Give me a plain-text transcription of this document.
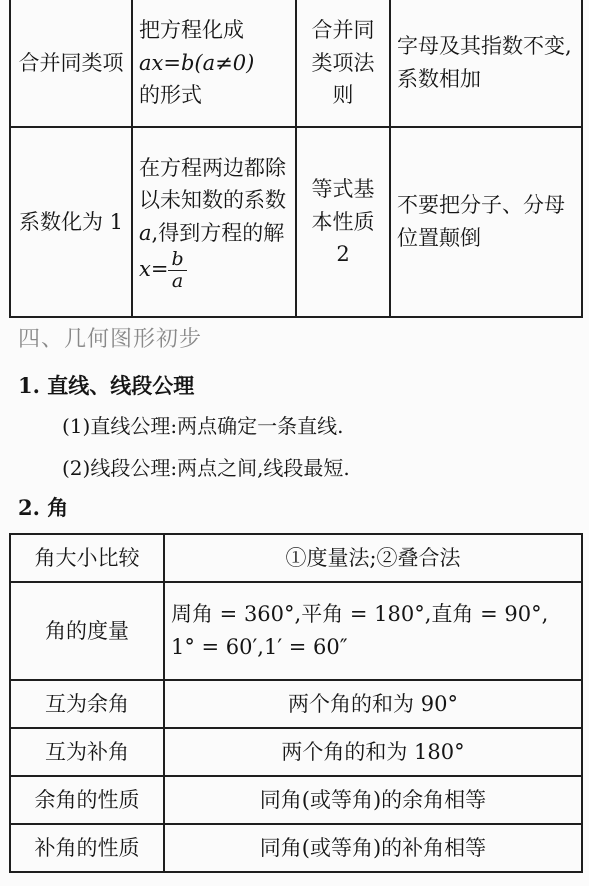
合并同类项	把方程化成
ax=b(a≠0)
的形式	合并同类项法则	字母及其指数不变,系数相加
系数化为 1	在方程两边都除以未知数的系数 a,得到方程的解 $x= \frac{b}{a}$	等式基本性质 2	不要把分子、分母位置颠倒
四、几何图形初步
1. 直线、线段公理
(1)直线公理:两点确定一条直线.
(2)线段公理:两点之间,线段最短.
2. 角
角大小比较	①度量法;②叠合法
角的度量	周角 = 360°,平角 = 180°,直角 = 90°,
1° = 60′,1′ = 60″
互为余角	两个角的和为 90°
互为补角	两个角的和为 180°
余角的性质	同角(或等角)的余角相等
补角的性质	同角(或等角)的补角相等
